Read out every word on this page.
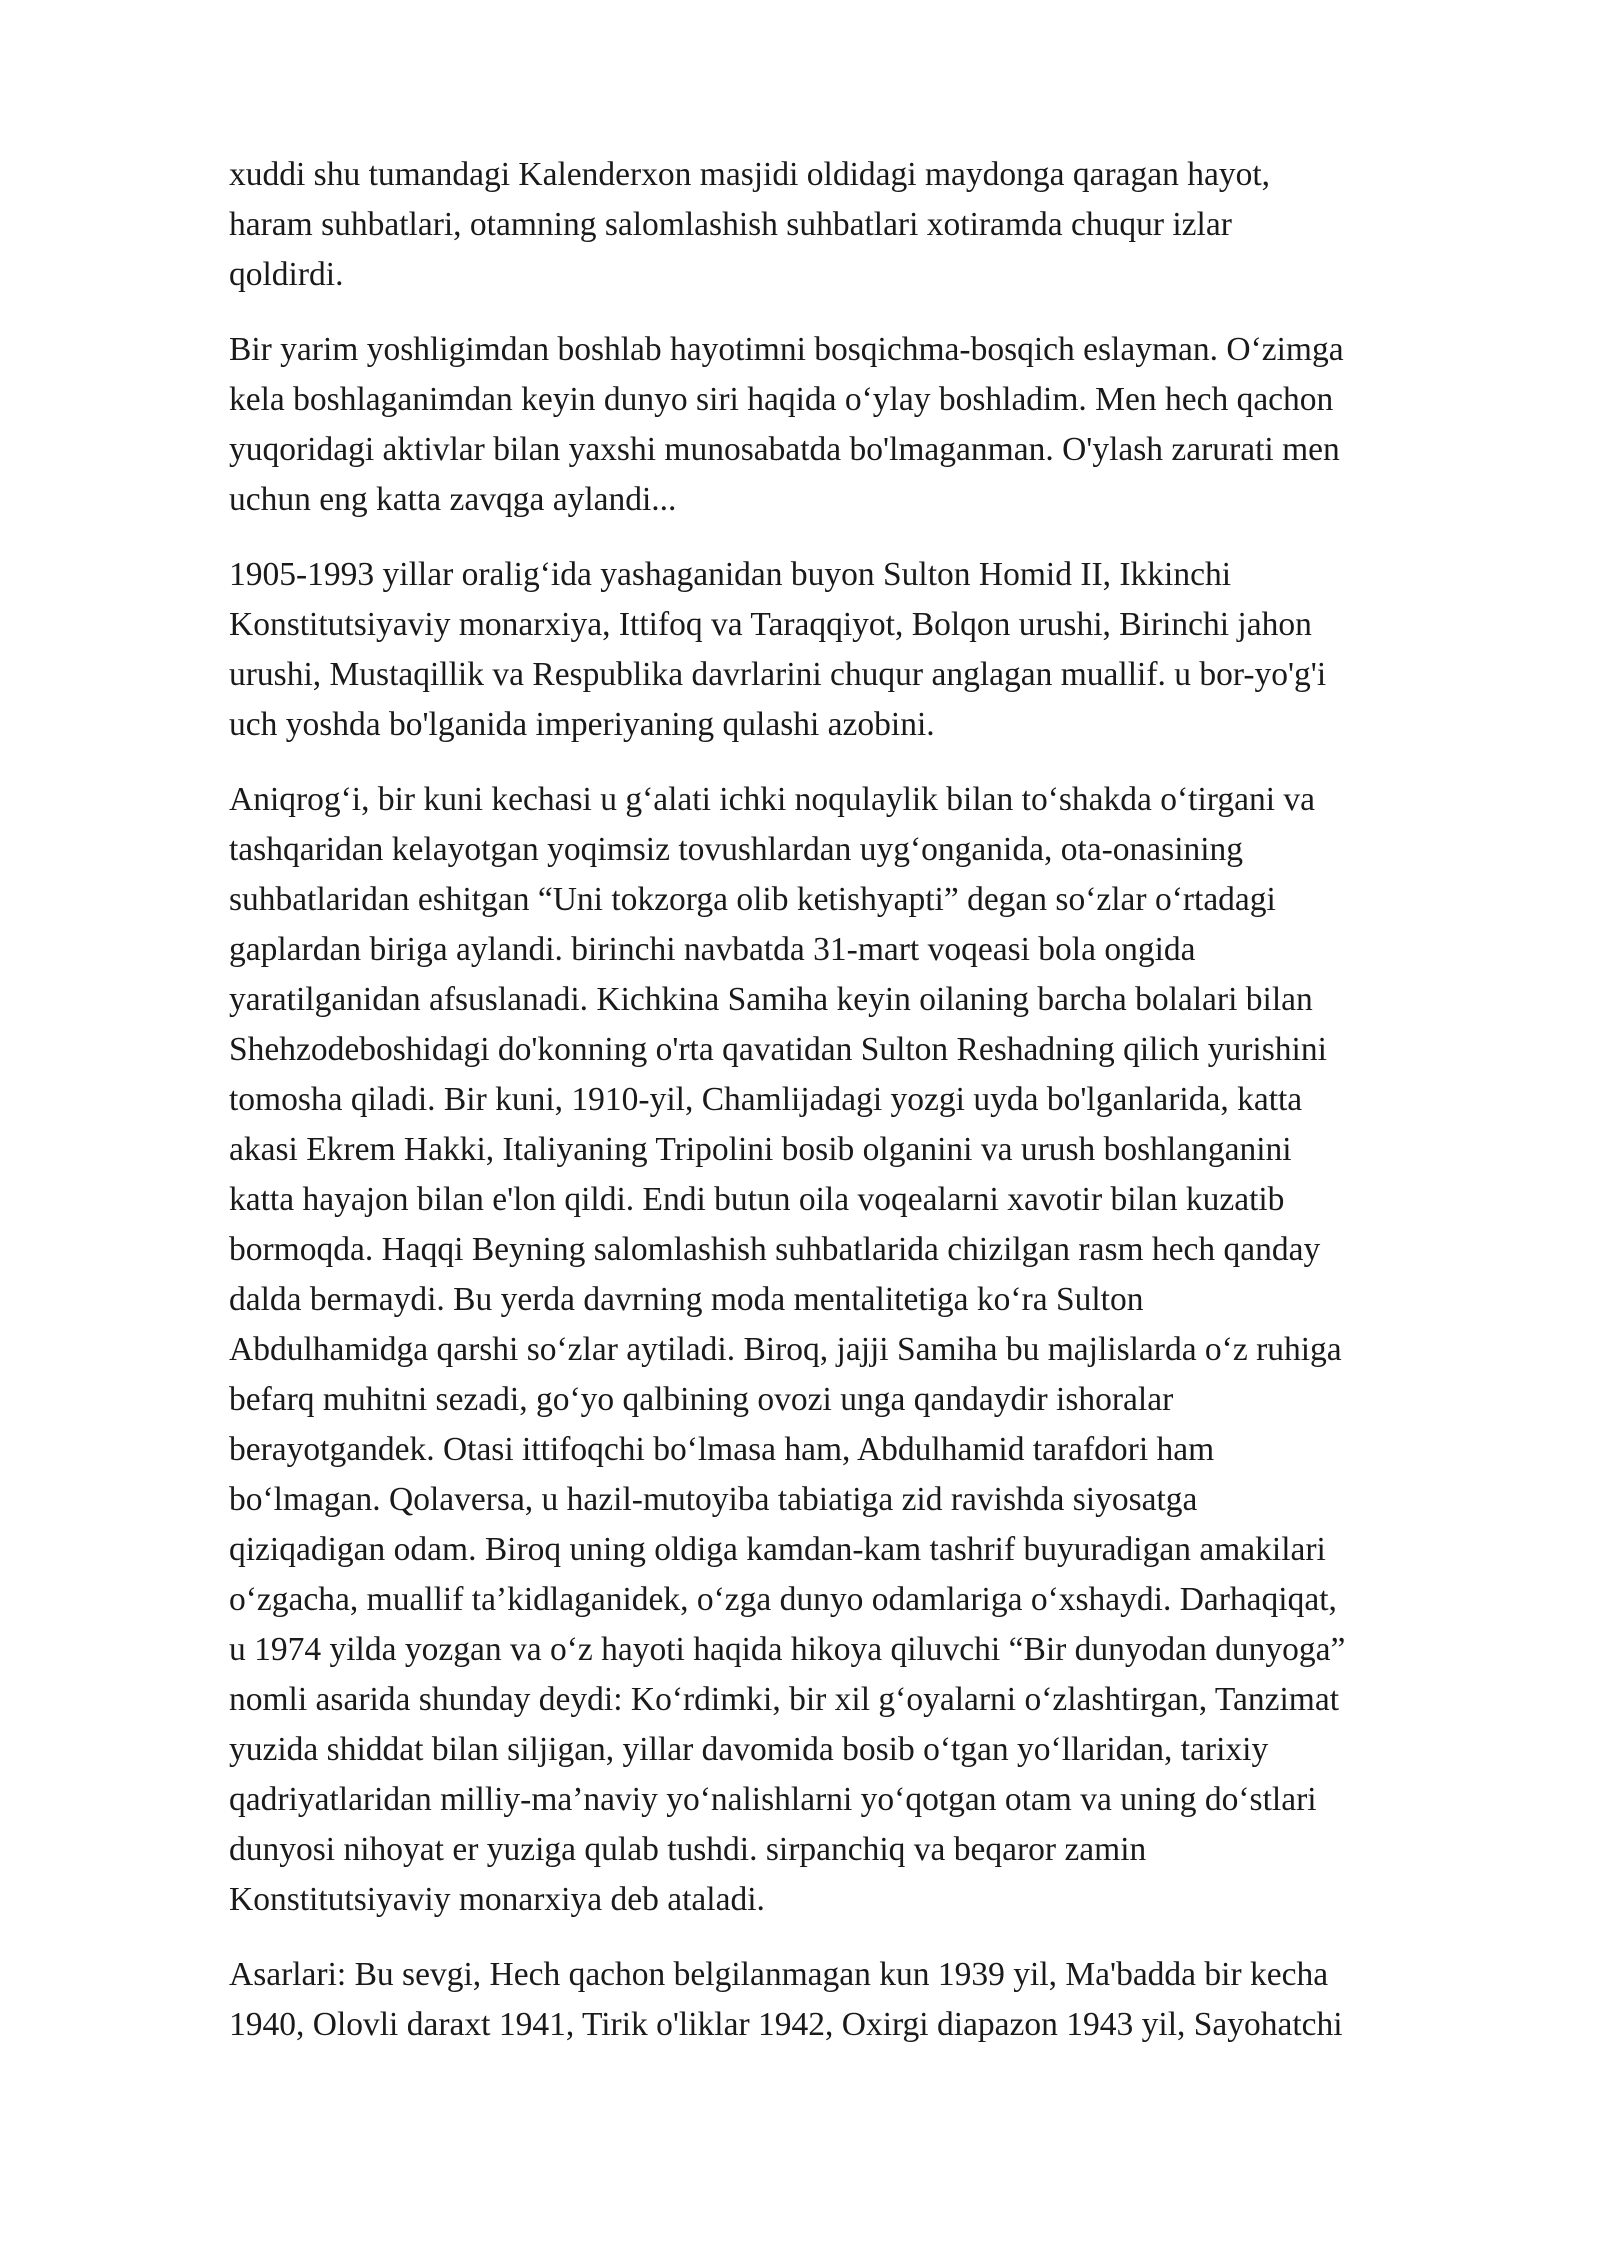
xuddi shu tumandagi Kalenderxon masjidi oldidagi maydonga qaragan hayot,
haram suhbatlari, otamning salomlashish suhbatlari xotiramda chuqur izlar
qoldirdi.

Bir yarim yoshligimdan boshlab hayotimni bosqichma-bosqich eslayman. Oʻzimga
kela boshlaganimdan keyin dunyo siri haqida oʻylay boshladim. Men hech qachon
yuqoridagi aktivlar bilan yaxshi munosabatda bo'lmaganman. O'ylash zarurati men
uchun eng katta zavqga aylandi...

1905-1993 yillar oraligʻida yashaganidan buyon Sulton Homid II, Ikkinchi
Konstitutsiyaviy monarxiya, Ittifoq va Taraqqiyot, Bolqon urushi, Birinchi jahon
urushi, Mustaqillik va Respublika davrlarini chuqur anglagan muallif. u bor-yo'g'i
uch yoshda bo'lganida imperiyaning qulashi azobini.

Aniqrogʻi, bir kuni kechasi u gʻalati ichki noqulaylik bilan toʻshakda oʻtirgani va
tashqaridan kelayotgan yoqimsiz tovushlardan uygʻonganida, ota-onasining
suhbatlaridan eshitgan “Uni tokzorga olib ketishyapti” degan soʻzlar oʻrtadagi
gaplardan biriga aylandi. birinchi navbatda 31-mart voqeasi bola ongida
yaratilganidan afsuslanadi. Kichkina Samiha keyin oilaning barcha bolalari bilan
Shehzodeboshidagi do'konning o'rta qavatidan Sulton Reshadning qilich yurishini
tomosha qiladi. Bir kuni, 1910-yil, Chamlijadagi yozgi uyda bo'lganlarida, katta
akasi Ekrem Hakki, Italiyaning Tripolini bosib olganini va urush boshlanganini
katta hayajon bilan e'lon qildi. Endi butun oila voqealarni xavotir bilan kuzatib
bormoqda. Haqqi Beyning salomlashish suhbatlarida chizilgan rasm hech qanday
dalda bermaydi. Bu yerda davrning moda mentalitetiga koʻra Sulton
Abdulhamidga qarshi soʻzlar aytiladi. Biroq, jajji Samiha bu majlislarda oʻz ruhiga
befarq muhitni sezadi, goʻyo qalbining ovozi unga qandaydir ishoralar
berayotgandek. Otasi ittifoqchi boʻlmasa ham, Abdulhamid tarafdori ham
boʻlmagan. Qolaversa, u hazil-mutoyiba tabiatiga zid ravishda siyosatga
qiziqadigan odam. Biroq uning oldiga kamdan-kam tashrif buyuradigan amakilari
oʻzgacha, muallif ta’kidlaganidek, oʻzga dunyo odamlariga oʻxshaydi. Darhaqiqat,
u 1974 yilda yozgan va oʻz hayoti haqida hikoya qiluvchi “Bir dunyodan dunyoga”
nomli asarida shunday deydi: Koʻrdimki, bir xil gʻoyalarni oʻzlashtirgan, Tanzimat
yuzida shiddat bilan siljigan, yillar davomida bosib oʻtgan yoʻllaridan, tarixiy
qadriyatlaridan milliy-ma’naviy yoʻnalishlarni yoʻqotgan otam va uning doʻstlari
dunyosi nihoyat er yuziga qulab tushdi. sirpanchiq va beqaror zamin
Konstitutsiyaviy monarxiya deb ataladi.

Asarlari: Bu sevgi, Hech qachon belgilanmagan kun 1939 yil, Ma'badda bir kecha
1940, Olovli daraxt 1941, Tirik o'liklar 1942, Oxirgi diapazon 1943 yil, Sayohatchi
